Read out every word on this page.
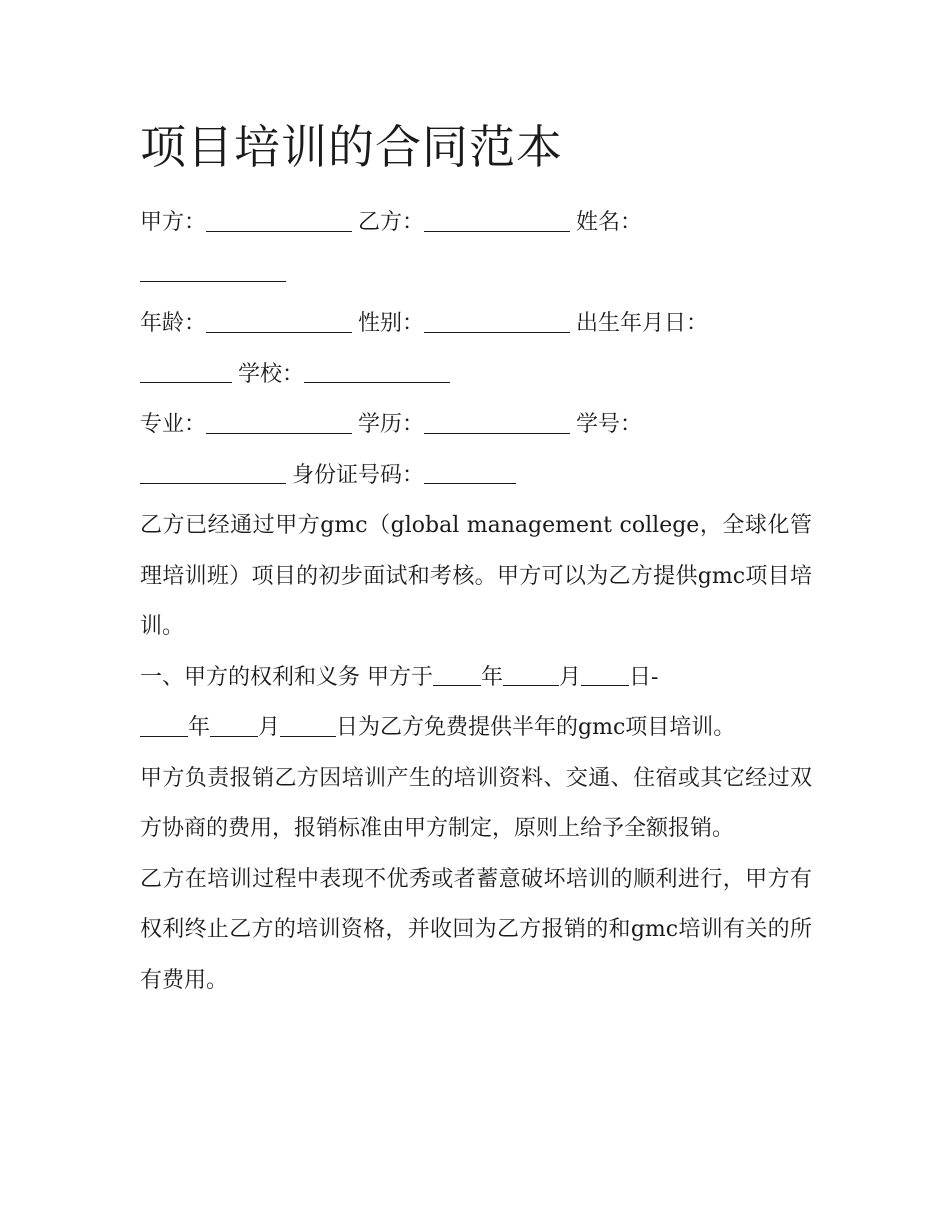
项目培训的合同范本

甲方：	乙方：	姓名：

年龄：	性别：	出生年月日：
学校：

专业：	学历：	学号：
身份证号码：

乙方已经通过甲方gmc（global management college，全球化管理培训班）项目的初步面试和考核。甲方可以为乙方提供gmc项目培训。

一、甲方的权利和义务 甲方于 年	月 日-
年 月	日为乙方免费提供半年的gmc项目培训。

甲方负责报销乙方因培训产生的培训资料、交通、住宿或其它经过双方协商的费用，报销标准由甲方制定，原则上给予全额报销。

乙方在培训过程中表现不优秀或者蓄意破坏培训的顺利进行，甲方有权利终止乙方的培训资格，并收回为乙方报销的和gmc培训有关的所有费用。
